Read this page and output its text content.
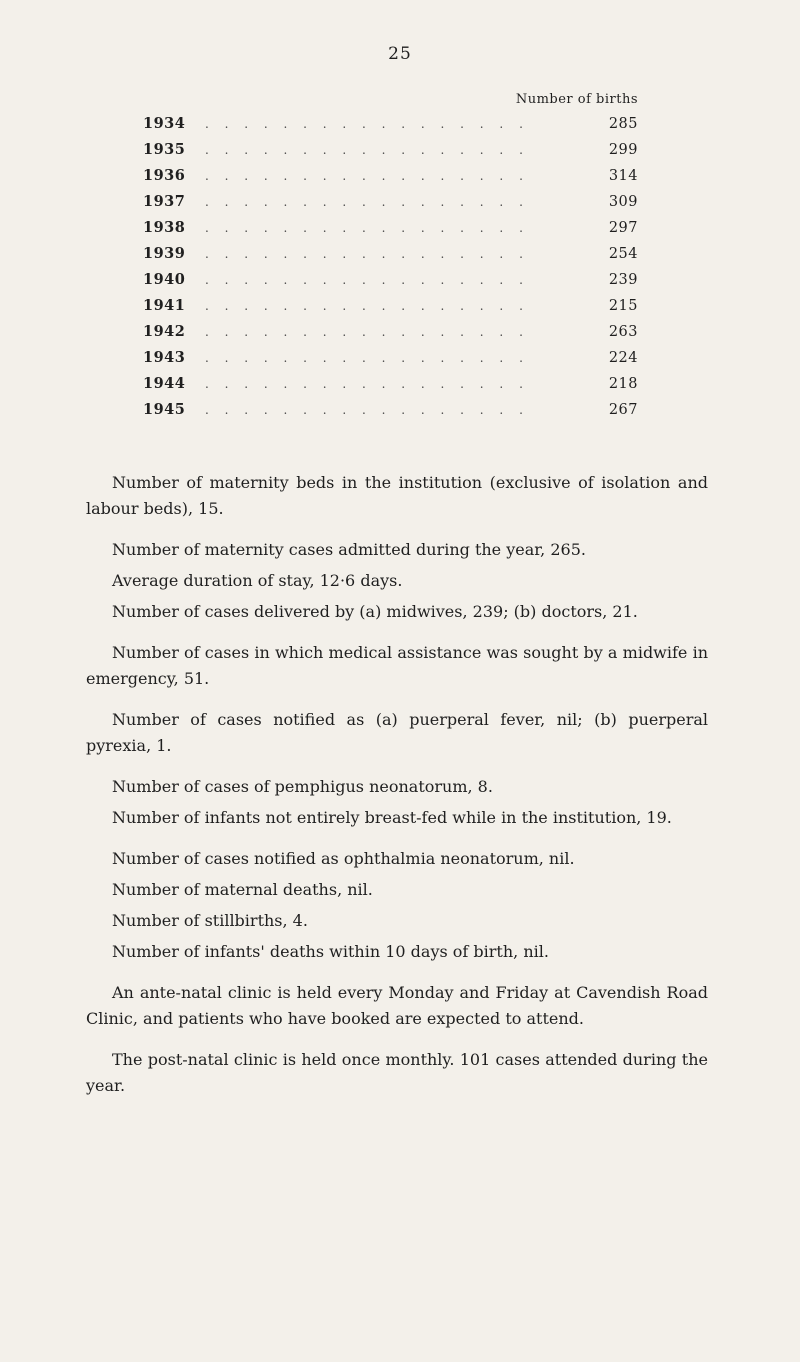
25
Number of births
1934	. . . . . . . . . . . . . . . . .	285
1935	. . . . . . . . . . . . . . . . .	299
1936	. . . . . . . . . . . . . . . . .	314
1937	. . . . . . . . . . . . . . . . .	309
1938	. . . . . . . . . . . . . . . . .	297
1939	. . . . . . . . . . . . . . . . .	254
1940	. . . . . . . . . . . . . . . . .	239
1941	. . . . . . . . . . . . . . . . .	215
1942	. . . . . . . . . . . . . . . . .	263
1943	. . . . . . . . . . . . . . . . .	224
1944	. . . . . . . . . . . . . . . . .	218
1945	. . . . . . . . . . . . . . . . .	267

Number of maternity beds in the institution (exclusive of isolation and labour beds), 15.

Number of maternity cases admitted during the year, 265.

Average duration of stay, 12·6 days.

Number of cases delivered by (a) midwives, 239; (b) doctors, 21.

Number of cases in which medical assistance was sought by a midwife in emergency, 51.

Number of cases notified as (a) puerperal fever, nil; (b) puerperal pyrexia, 1.

Number of cases of pemphigus neonatorum, 8.

Number of infants not entirely breast-fed while in the institution, 19.

Number of cases notified as ophthalmia neonatorum, nil.

Number of maternal deaths, nil.

Number of stillbirths, 4.

Number of infants' deaths within 10 days of birth, nil.

An ante-natal clinic is held every Monday and Friday at Cavendish Road Clinic, and patients who have booked are expected to attend.

The post-natal clinic is held once monthly. 101 cases attended during the year.
